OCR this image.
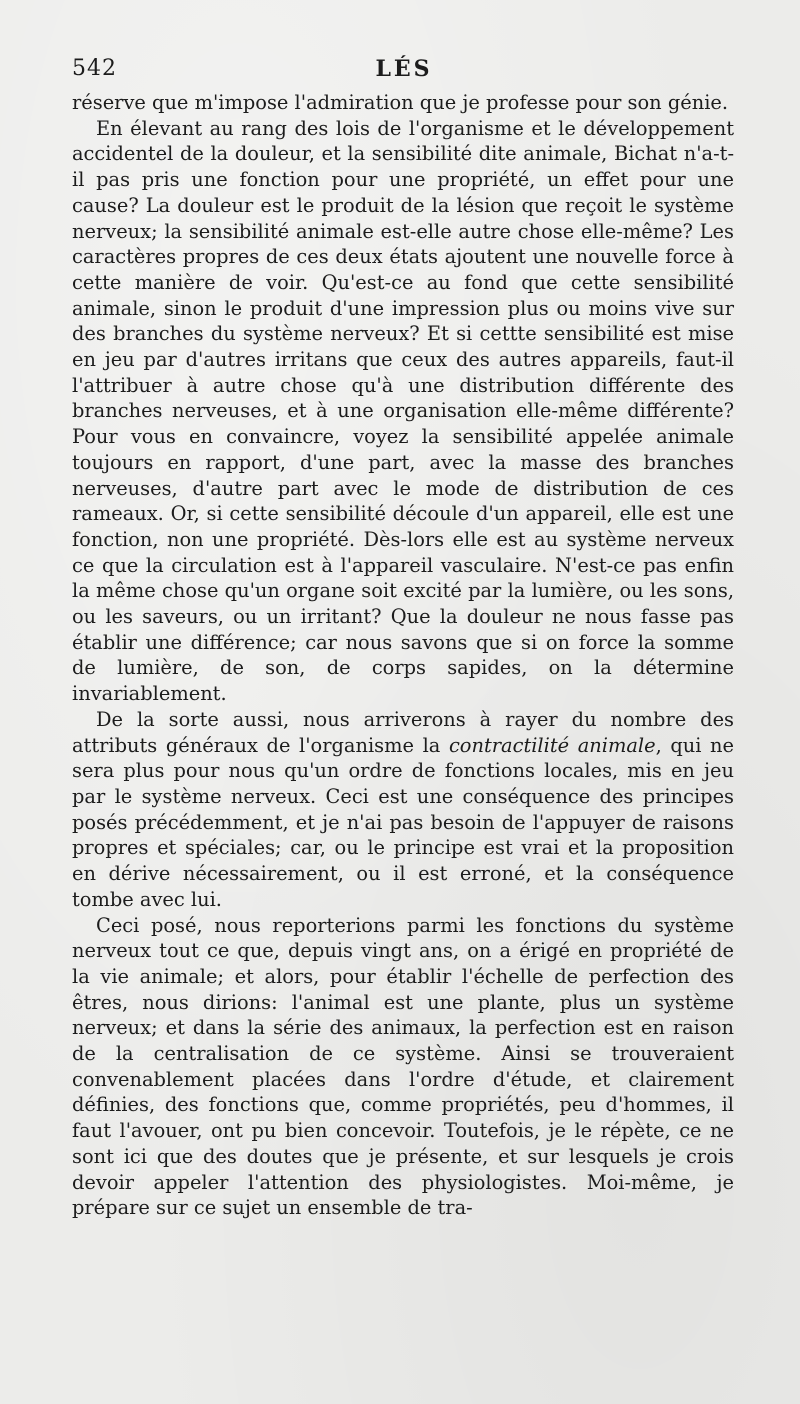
542	LÉS

réserve que m'impose l'admiration que je professe pour son génie.

En élevant au rang des lois de l'organisme et le développement accidentel de la douleur, et la sensibilité dite animale, Bichat n'a-t-il pas pris une fonction pour une propriété, un effet pour une cause? La douleur est le produit de la lésion que reçoit le système nerveux; la sensibilité animale est-elle autre chose elle-même? Les caractères propres de ces deux états ajoutent une nouvelle force à cette manière de voir. Qu'est-ce au fond que cette sensibilité animale, sinon le produit d'une impression plus ou moins vive sur des branches du système nerveux? Et si cettte sensibilité est mise en jeu par d'autres irritans que ceux des autres appareils, faut-il l'attribuer à autre chose qu'à une distribution différente des branches nerveuses, et à une organisation elle-même différente? Pour vous en convaincre, voyez la sensibilité appelée animale toujours en rapport, d'une part, avec la masse des branches nerveuses, d'autre part avec le mode de distribution de ces rameaux. Or, si cette sensibilité découle d'un appareil, elle est une fonction, non une propriété. Dès-lors elle est au système nerveux ce que la circulation est à l'appareil vasculaire. N'est-ce pas enfin la même chose qu'un organe soit excité par la lumière, ou les sons, ou les saveurs, ou un irritant? Que la douleur ne nous fasse pas établir une différence; car nous savons que si on force la somme de lumière, de son, de corps sapides, on la détermine invariablement.

De la sorte aussi, nous arriverons à rayer du nombre des attributs généraux de l'organisme la contractilité animale, qui ne sera plus pour nous qu'un ordre de fonctions locales, mis en jeu par le système nerveux. Ceci est une conséquence des principes posés précédemment, et je n'ai pas besoin de l'appuyer de raisons propres et spéciales; car, ou le principe est vrai et la proposition en dérive nécessairement, ou il est erroné, et la conséquence tombe avec lui.

Ceci posé, nous reporterions parmi les fonctions du système nerveux tout ce que, depuis vingt ans, on a érigé en propriété de la vie animale; et alors, pour établir l'échelle de perfection des êtres, nous dirions: l'animal est une plante, plus un système nerveux; et dans la série des animaux, la perfection est en raison de la centralisation de ce système. Ainsi se trouveraient convenablement placées dans l'ordre d'étude, et clairement définies, des fonctions que, comme propriétés, peu d'hommes, il faut l'avouer, ont pu bien concevoir. Toutefois, je le répète, ce ne sont ici que des doutes que je présente, et sur lesquels je crois devoir appeler l'attention des physiologistes. Moi-même, je prépare sur ce sujet un ensemble de tra-
